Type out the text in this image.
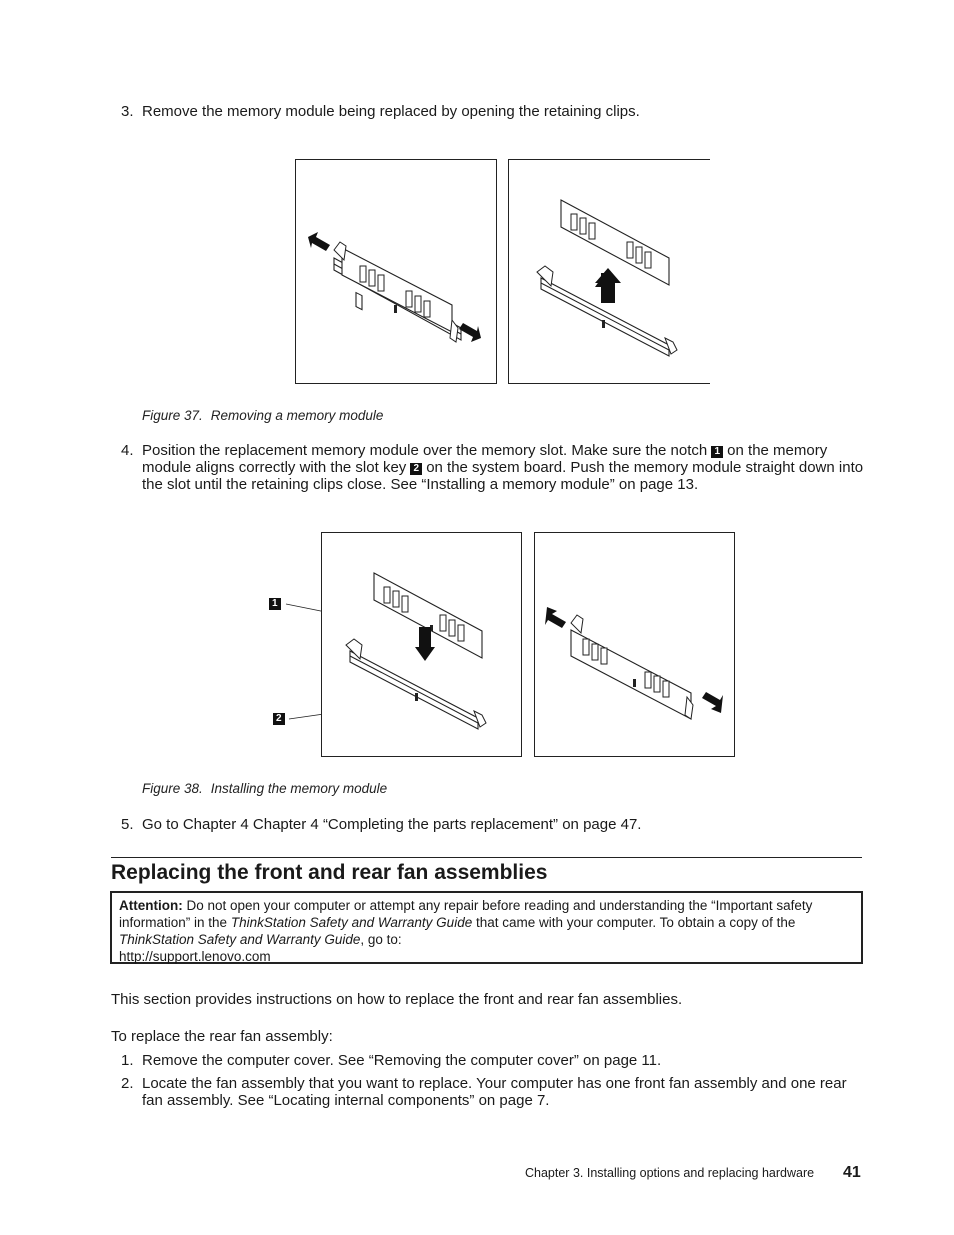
3. Remove the memory module being replaced by opening the retaining clips.
Figure 37. Removing a memory module
4. Position the replacement memory module over the memory slot. Make sure the notch 1 on the memory module aligns correctly with the slot key 2 on the system board. Push the memory module straight down into the slot until the retaining clips close. See “Installing a memory module” on page 13.
1
2
Figure 38. Installing the memory module
5. Go to Chapter 4 Chapter 4 “Completing the parts replacement” on page 47.
Replacing the front and rear fan assemblies
Attention: Do not open your computer or attempt any repair before reading and understanding the “Important safety information” in the ThinkStation Safety and Warranty Guide that came with your computer. To obtain a copy of the ThinkStation Safety and Warranty Guide, go to:
http://support.lenovo.com
This section provides instructions on how to replace the front and rear fan assemblies.
To replace the rear fan assembly:
1. Remove the computer cover. See “Removing the computer cover” on page 11.
2. Locate the fan assembly that you want to replace. Your computer has one front fan assembly and one rear fan assembly. See “Locating internal components” on page 7.
Chapter 3. Installing options and replacing hardware 41
